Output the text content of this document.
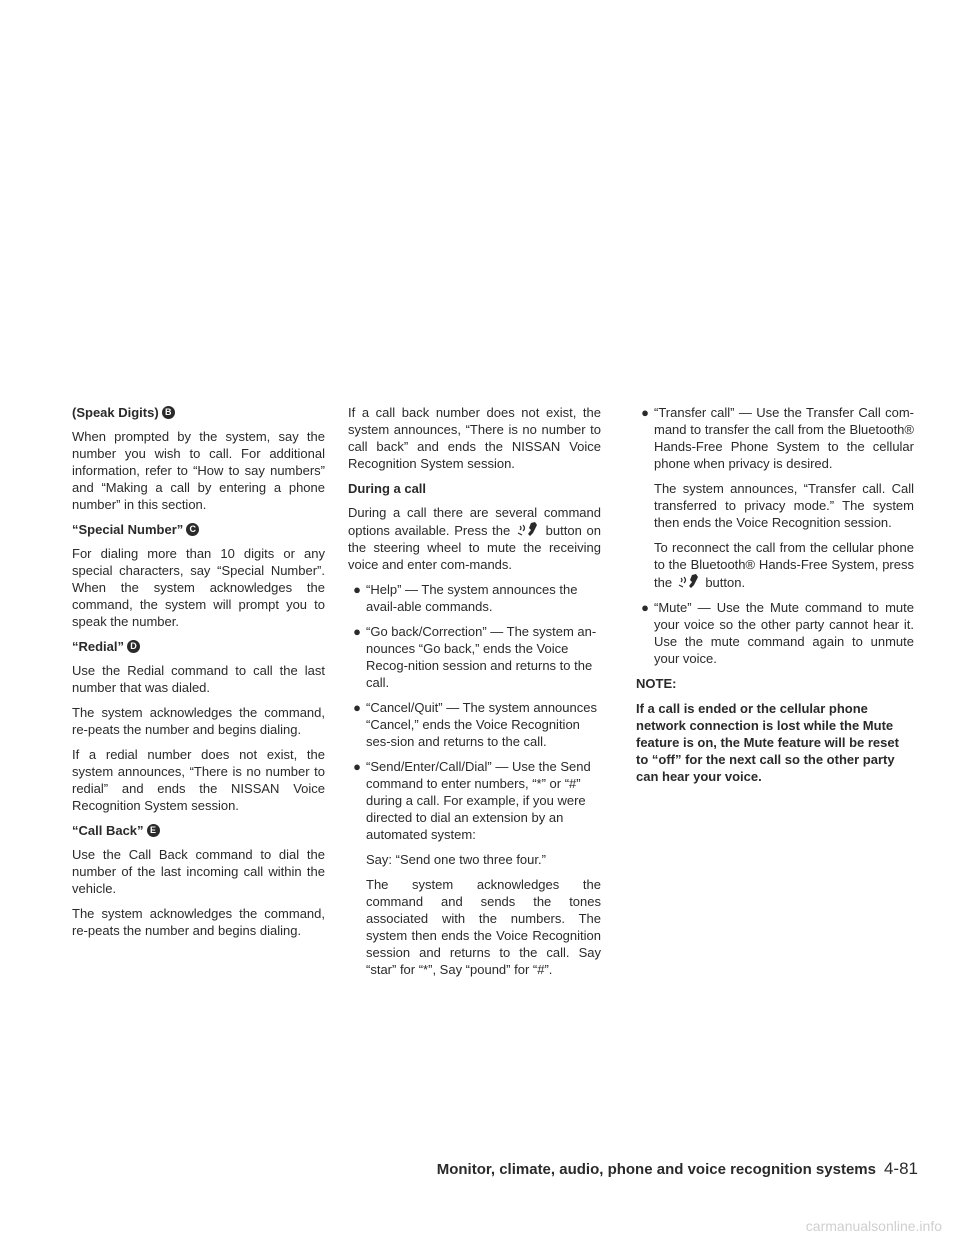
(Speak Digits) B

When prompted by the system, say the number you wish to call. For additional information, refer to “How to say numbers” and “Making a call by entering a phone number” in this section.

“Special Number” C

For dialing more than 10 digits or any special characters, say “Special Number”. When the system acknowledges the command, the system will prompt you to speak the number.

“Redial” D

Use the Redial command to call the last number that was dialed.

The system acknowledges the command, re-peats the number and begins dialing.

If a redial number does not exist, the system announces, “There is no number to redial” and ends the NISSAN Voice Recognition System session.

“Call Back” E

Use the Call Back command to dial the number of the last incoming call within the vehicle.

The system acknowledges the command, re-peats the number and begins dialing.

If a call back number does not exist, the system announces, “There is no number to call back” and ends the NISSAN Voice Recognition System session.

During a call

During a call there are several command options available. Press the	button on the steering wheel to mute the receiving voice and enter com-mands.

● “Help” — The system announces the avail-able commands.
● “Go back/Correction” — The system an-nounces “Go back,” ends the Voice Recog-nition session and returns to the call.
● “Cancel/Quit” — The system announces “Cancel,” ends the Voice Recognition ses-sion and returns to the call.
● “Send/Enter/Call/Dial” — Use the Send command to enter numbers, “*” or “#” during a call. For example, if you were directed to dial an extension by an automated system:

Say: “Send one two three four.”

The system acknowledges the command and sends the tones associated with the numbers. The system then ends the Voice Recognition session and returns to the call. Say “star” for “*”, Say “pound” for “#”.

● “Transfer call” — Use the Transfer Call com-mand to transfer the call from the Bluetooth® Hands-Free Phone System to the cellular phone when privacy is desired.

The system announces, “Transfer call. Call transferred to privacy mode.” The system then ends the Voice Recognition session.

To reconnect the call from the cellular phone to the Bluetooth® Hands-Free System, press the	button.

● “Mute” — Use the Mute command to mute your voice so the other party cannot hear it. Use the mute command again to unmute your voice.

NOTE:

If a call is ended or the cellular phone network connection is lost while the Mute feature is on, the Mute feature will be reset to “off” for the next call so the other party can hear your voice.

Monitor, climate, audio, phone and voice recognition systems 4-81
carmanualsonline.info
